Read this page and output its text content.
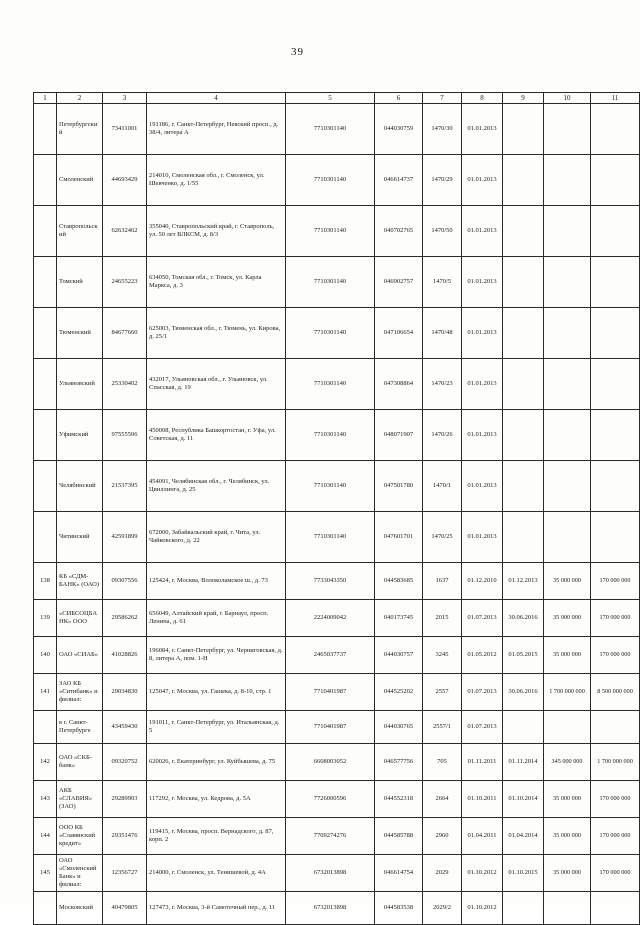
39
1	2	3	4	5	6	7	8	9	10	11
	Петербургский	73411001	191186, г. Санкт-Петербург, Невский просп., д. 38/4, литера А	7710301140	044030759	1470/30	01.01.2013			
	Смоленский	44693429	214010, Смоленская обл., г. Смоленск, ул. Шевченко, д. 1/55	7710301140	046614737	1470/29	01.01.2013			
	Ставропольский	62632462	355040, Ставропольский край, г. Ставрополь, ул. 50 лет ВЛКСМ, д. 8/3	7710301140	040702765	1470/50	01.01.2013			
	Томский	24655223	634050, Томская обл., г. Томск, ул. Карла Маркса, д. 3	7710301140	046902757	1470/5	01.01.2013			
	Тюменский	84677660	625003, Тюменская обл., г. Тюмень, ул. Кирова, д. 25/1	7710301140	047106654	1470/48	01.01.2013			
	Ульяновский	25330402	432017, Ульяновская обл., г. Ульяновск, ул. Спасская, д. 19	7710301140	047308864	1470/23	01.01.2013			
	Уфимский	97555506	450008, Республика Башкортостан, г. Уфа, ул. Советская, д. 11	7710301140	048071907	1470/26	01.01.2013			
	Челябинский	21537395	454091, Челябинская обл., г. Челябинск, ул. Цвиллинга, д. 25	7710301140	047501780	1470/1	01.01.2013			
	Читинский	42591899	672000, Забайкальский край, г. Чита, ул. Чайковского, д. 22	7710301140	047601701	1470/25	01.01.2013			
138	КБ «СДМ-БАНК» (ОАО)	09307556	125424, г. Москва, Волоколамское ш., д. 73	7733043350	044583685	1637	01.12.2010	01.12.2013	35 000 000	170 000 000
139	«СИБСОЦБАНК» ООО	29586262	656049, Алтайский край, г. Барнаул, просп. Ленина, д. 61	2224009042	040173745	2015	01.07.2013	30.06.2016	35 000 000	170 000 000
140	ОАО «СИАБ»	41028826	196084, г. Санкт-Петербург, ул. Черниговская, д. 8, литера А, пом. 1-Н	2465037737	044030757	3245	01.05.2012	01.05.2015	35 000 000	170 000 000
141	ЗАО КБ «Ситибанк» и филиал:	29034830	125047, г. Москва, ул. Гашека, д. 8-10, стр. 1	7710401987	044525202	2557	01.07.2013	30.06.2016	1 700 000 000	8 500 000 000
	в г. Санкт-Петербурге	43459430	191011, г. Санкт-Петербург, ул. Итальянская, д. 5	7710401987	044030765	2557/1	01.07.2013			
142	ОАО «СКБ-банк»	09320752	620026, г. Екатеринбург, ул. Куйбышева, д. 75	6608003052	046577756	705	01.11.2011	01.11.2014	345 000 000	1 700 000 000
143	АКБ «СЛАВИЯ» (ЗАО)	29289903	117292, г. Москва, ул. Кедрова, д. 5А	7726000596	044552318	2664	01.10.2011	01.10.2014	35 000 000	170 000 000
144	ООО КБ «Славянский кредит»	29351476	119415, г. Москва, просп. Вернадского, д. 87, корп. 2	7709274276	044585788	2960	01.04.2011	01.04.2014	35 000 000	170 000 000
145	ОАО «Смоленский Банк» и филиал:	12356727	214000, г. Смоленск, ул. Тенишевой, д. 4А	6732013898	046614754	2029	01.10.2012	01.10.2015	35 000 000	170 000 000
	Московский	40479805	127473, г. Москва, 3-й Самотечный пер., д. 11	6732013898	044583538	2029/2	01.10.2012			
